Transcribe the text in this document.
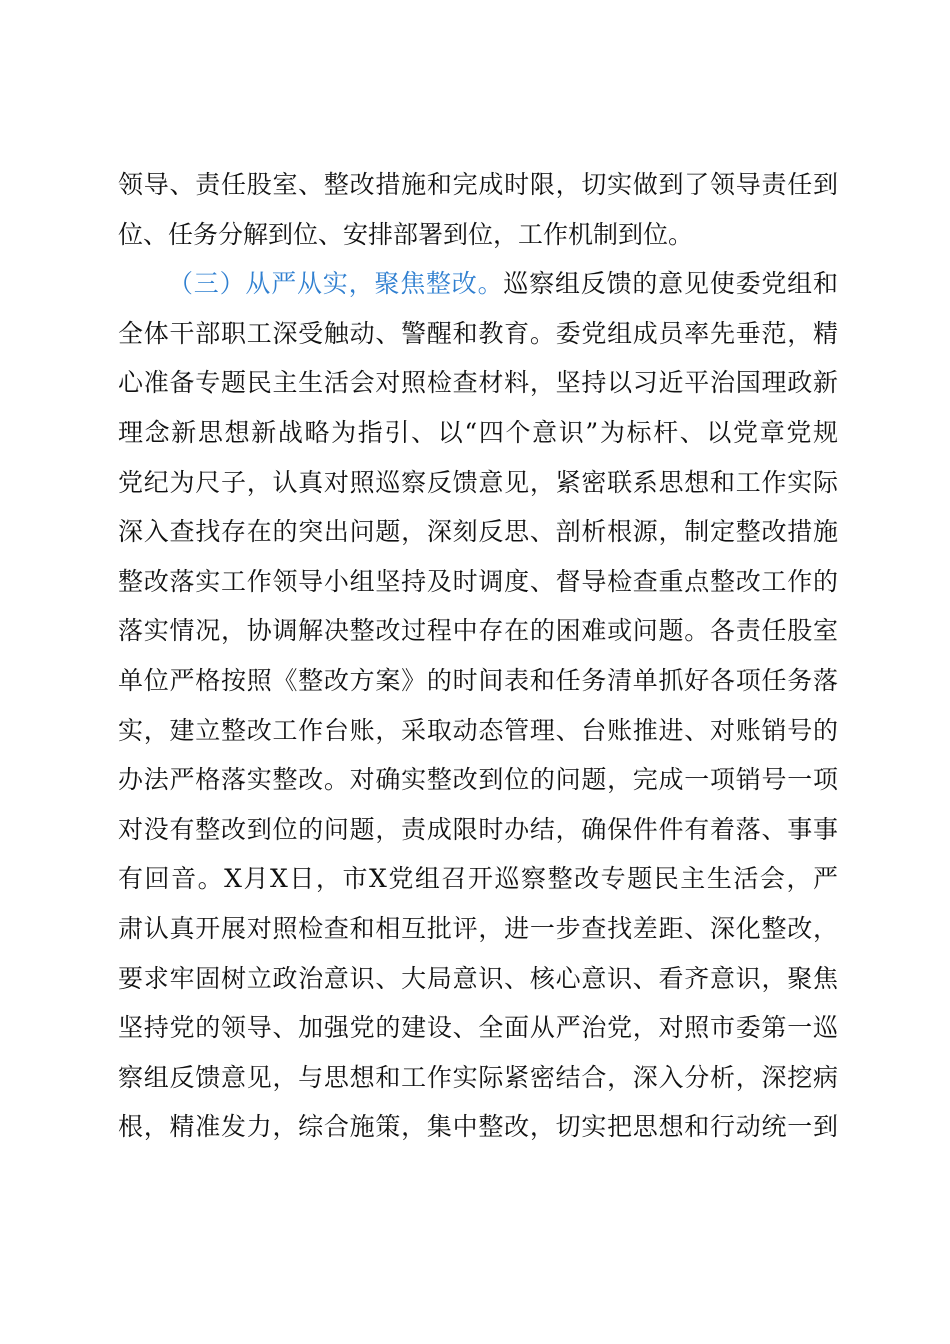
领导、责任股室、整改措施和完成时限，切实做到了领导责任到
位、任务分解到位、安排部署到位，工作机制到位。
（三）从严从实，聚焦整改。巡察组反馈的意见使委党组和
全体干部职工深受触动、警醒和教育。委党组成员率先垂范，精
心准备专题民主生活会对照检查材料，坚持以习近平治国理政新
理念新思想新战略为指引、以“四个意识”为标杆、以党章党规
党纪为尺子，认真对照巡察反馈意见，紧密联系思想和工作实际
深入查找存在的突出问题，深刻反思、剖析根源，制定整改措施
整改落实工作领导小组坚持及时调度、督导检查重点整改工作的
落实情况，协调解决整改过程中存在的困难或问题。各责任股室
单位严格按照《整改方案》的时间表和任务清单抓好各项任务落
实，建立整改工作台账，采取动态管理、台账推进、对账销号的
办法严格落实整改。对确实整改到位的问题，完成一项销号一项
对没有整改到位的问题，责成限时办结，确保件件有着落、事事
有回音。X月X日，市X党组召开巡察整改专题民主生活会，严
肃认真开展对照检查和相互批评，进一步查找差距、深化整改，
要求牢固树立政治意识、大局意识、核心意识、看齐意识，聚焦
坚持党的领导、加强党的建设、全面从严治党，对照市委第一巡
察组反馈意见，与思想和工作实际紧密结合，深入分析，深挖病
根，精准发力，综合施策，集中整改，切实把思想和行动统一到
